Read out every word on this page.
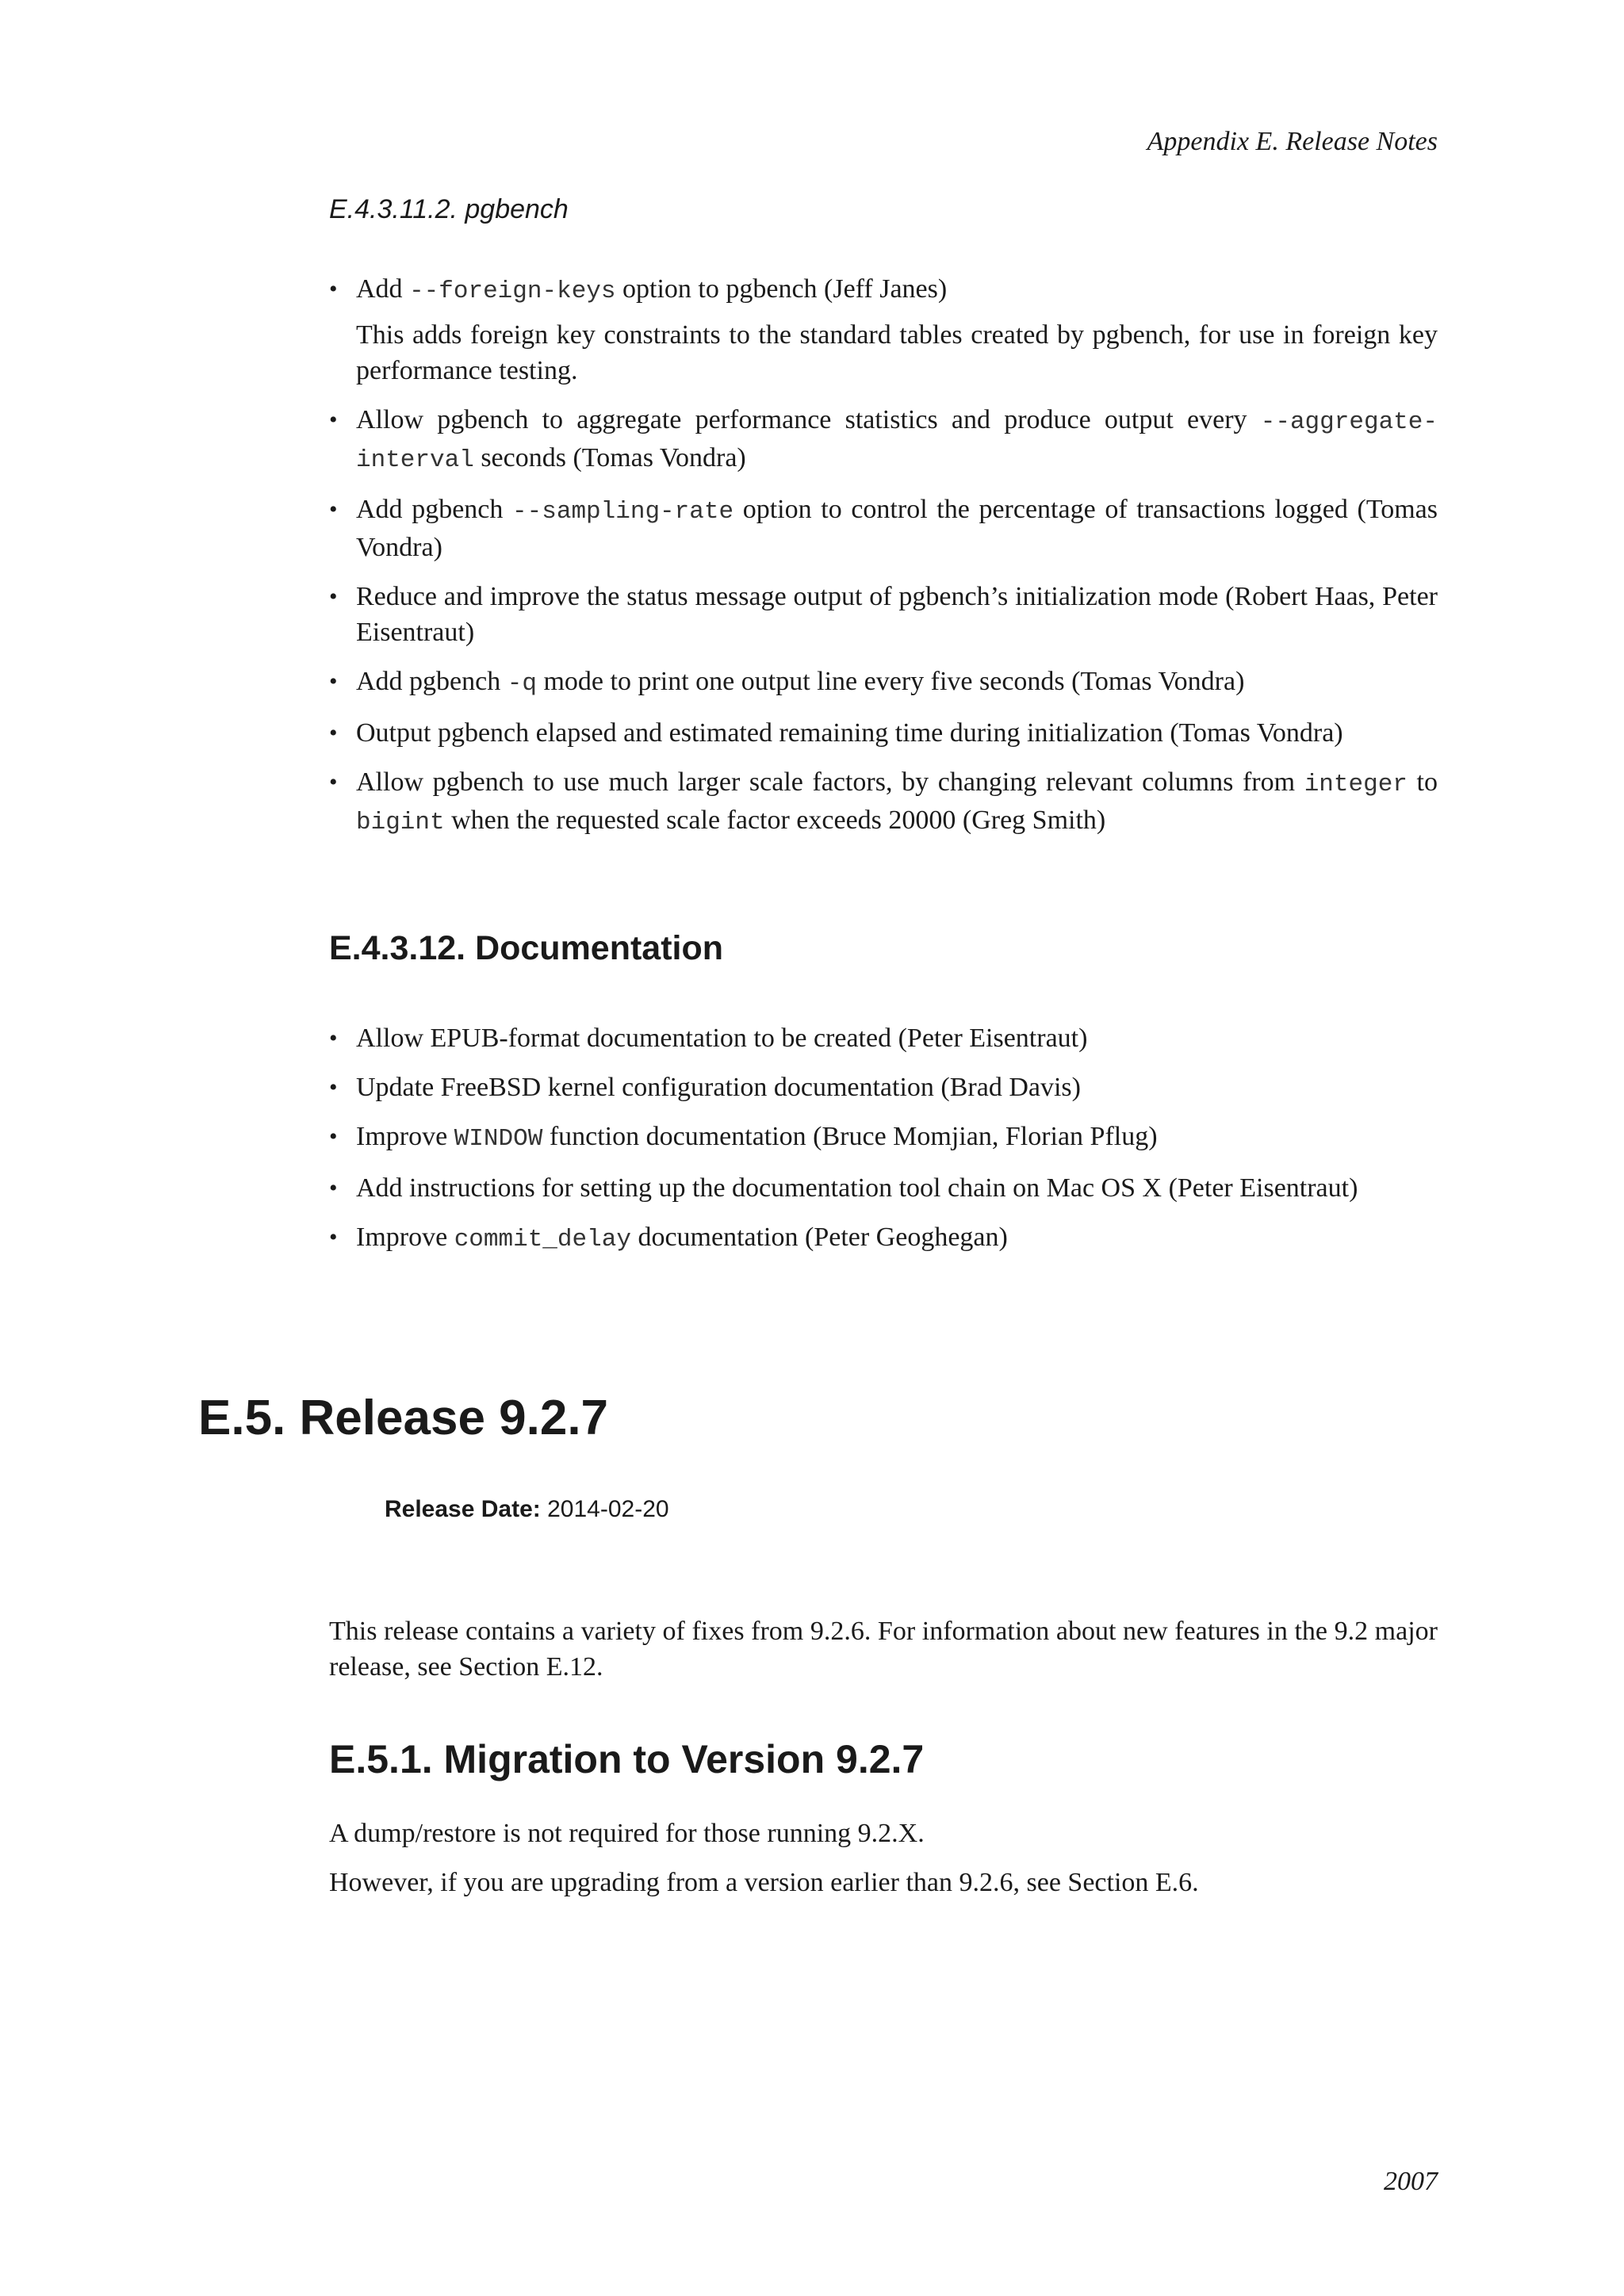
Appendix E. Release Notes
E.4.3.11.2. pgbench
• Add --foreign-keys option to pgbench (Jeff Janes)
This adds foreign key constraints to the standard tables created by pgbench, for use in foreign key performance testing.
• Allow pgbench to aggregate performance statistics and produce output every --aggregate-interval seconds (Tomas Vondra)
• Add pgbench --sampling-rate option to control the percentage of transactions logged (Tomas Vondra)
• Reduce and improve the status message output of pgbench’s initialization mode (Robert Haas, Peter Eisentraut)
• Add pgbench -q mode to print one output line every five seconds (Tomas Vondra)
• Output pgbench elapsed and estimated remaining time during initialization (Tomas Vondra)
• Allow pgbench to use much larger scale factors, by changing relevant columns from integer to bigint when the requested scale factor exceeds 20000 (Greg Smith)
E.4.3.12. Documentation
• Allow EPUB-format documentation to be created (Peter Eisentraut)
• Update FreeBSD kernel configuration documentation (Brad Davis)
• Improve WINDOW function documentation (Bruce Momjian, Florian Pflug)
• Add instructions for setting up the documentation tool chain on Mac OS X (Peter Eisentraut)
• Improve commit_delay documentation (Peter Geoghegan)
E.5. Release 9.2.7
Release Date: 2014-02-20

This release contains a variety of fixes from 9.2.6. For information about new features in the 9.2 major release, see Section E.12.

E.5.1. Migration to Version 9.2.7

A dump/restore is not required for those running 9.2.X.

However, if you are upgrading from a version earlier than 9.2.6, see Section E.6.

2007
